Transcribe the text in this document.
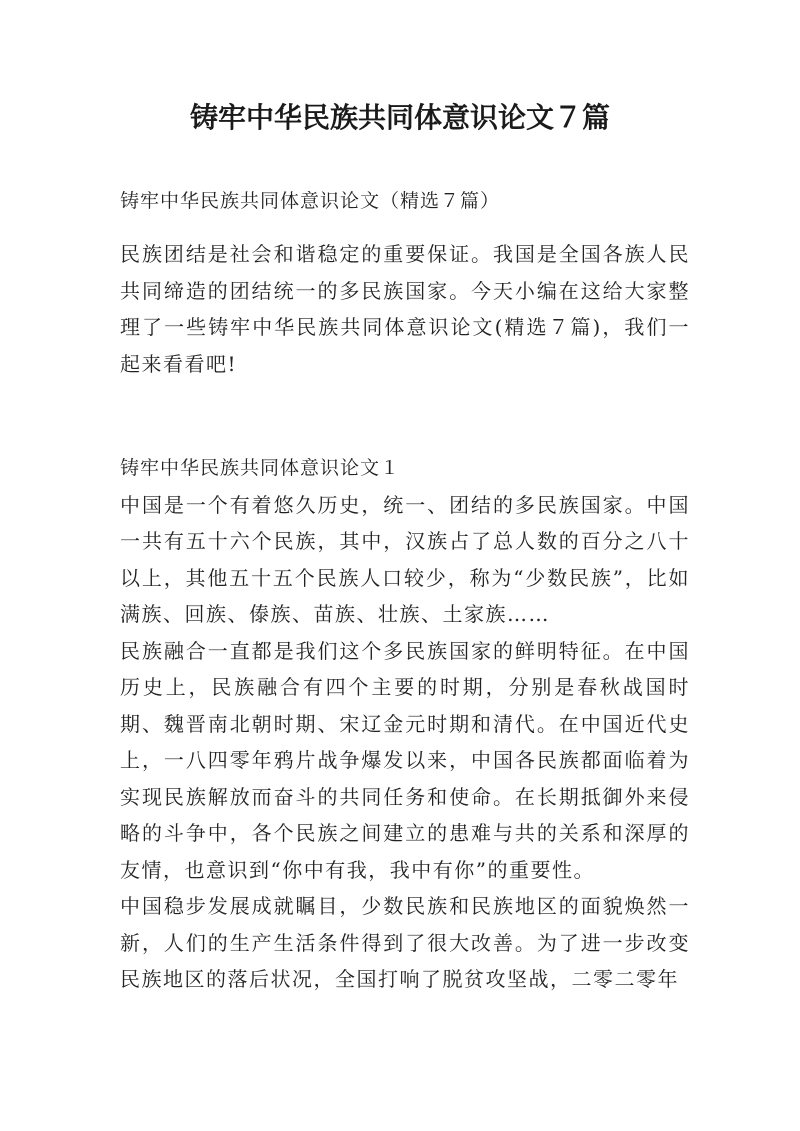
铸牢中华民族共同体意识论文７篇

铸牢中华民族共同体意识论文（精选７篇）

民族团结是社会和谐稳定的重要保证。我国是全国各族人民共同缔造的团结统一的多民族国家。今天小编在这给大家整理了一些铸牢中华民族共同体意识论文(精选７篇)，我们一起来看看吧!

铸牢中华民族共同体意识论文１

中国是一个有着悠久历史，统一、团结的多民族国家。中国一共有五十六个民族，其中，汉族占了总人数的百分之八十以上，其他五十五个民族人口较少，称为“少数民族”，比如满族、回族、傣族、苗族、壮族、土家族……

民族融合一直都是我们这个多民族国家的鲜明特征。在中国历史上，民族融合有四个主要的时期，分别是春秋战国时期、魏晋南北朝时期、宋辽金元时期和清代。在中国近代史上，一八四零年鸦片战争爆发以来，中国各民族都面临着为实现民族解放而奋斗的共同任务和使命。在长期抵御外来侵略的斗争中，各个民族之间建立的患难与共的关系和深厚的友情，也意识到“你中有我，我中有你”的重要性。

中国稳步发展成就瞩目，少数民族和民族地区的面貌焕然一新，人们的生产生活条件得到了很大改善。为了进一步改变民族地区的落后状况，全国打响了脱贫攻坚战，二零二零年
